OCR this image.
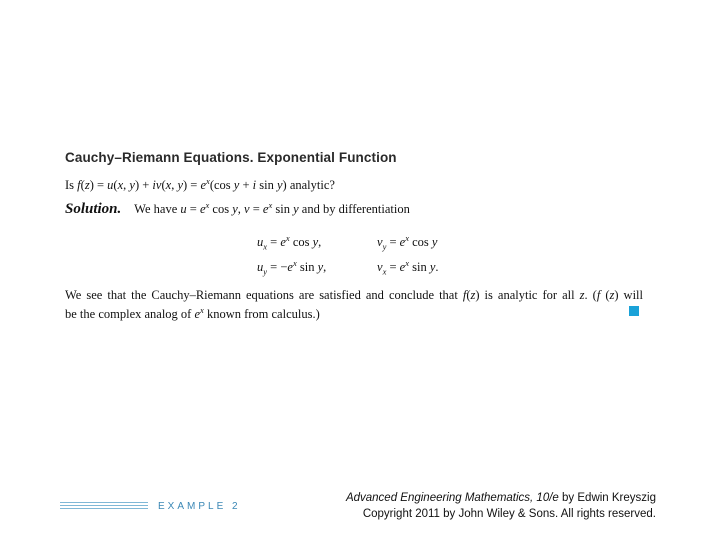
Cauchy–Riemann Equations. Exponential Function
Is f(z) = u(x, y) + iv(x, $y) = e^x(\cos$ y + i sin y) analytic?
Solution. We have $u = e^x$ cos y, $v = e^x$ sin y and by differentiation
$u_x = e^x$ cos y,	$v_y = e^x$ cos y
$u_y = -e^x$ sin y,	$v_x = e^x$ sin y.
We see that the Cauchy–Riemann equations are satisfied and conclude that f(z) is analytic for all z. (f (z) will
be the complex analog of $e^x$ known from calculus.)
EXAMPLE 2
Advanced Engineering Mathematics, 10/e by Edwin Kreyszig
Copyright 2011 by John Wiley & Sons. All rights reserved.
